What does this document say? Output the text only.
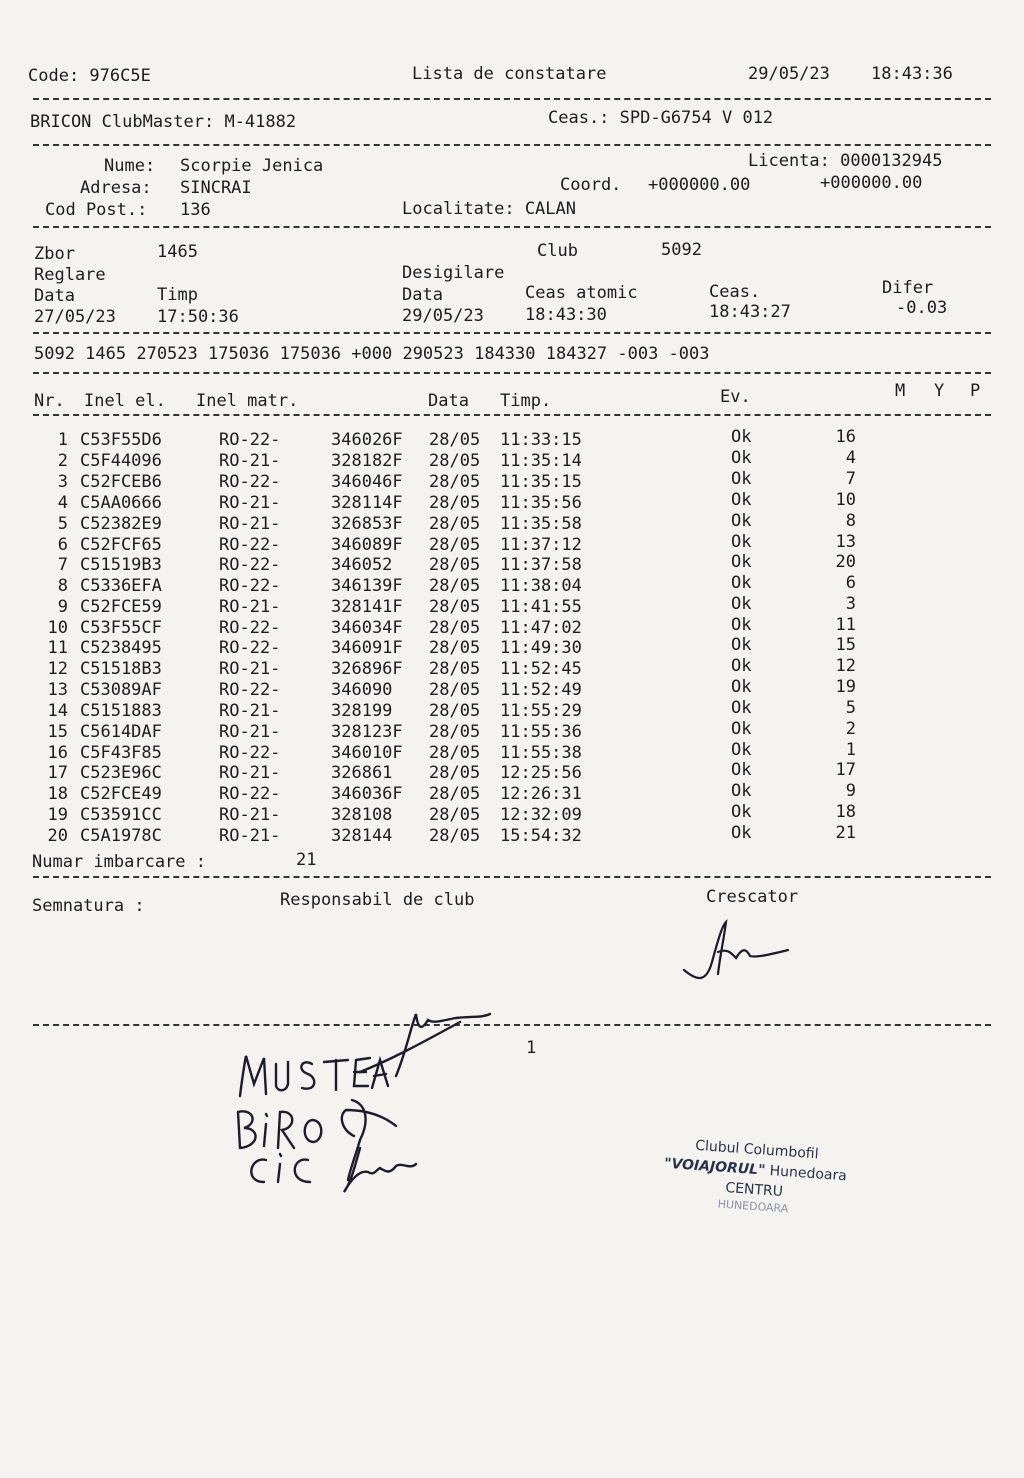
Code: 976C5E	Lista de constatare	29/05/23 18:43:36
BRICON ClubMaster: M-41882	Ceas.: SPD-G6754 V 012
Nume: Scorpie Jenica
Adresa: SINCRAI
Cod Post.: 136
Licenta: 0000132945
Coord. +000000.00	+000000.00
Localitate: CALAN
Zbor	1465	Club	5092
Reglare	Desigilare
Data	Timp	Data	Ceas atomic	Ceas.	Difer
27/05/23 17:50:36	29/05/23 18:43:30	18:43:27	-0.03
5092 1465 270523 175036 175036 +000 290523 184330 184327 -003 -003
Nr. Inel el. Inel matr.	Data Timp.	Ev.	M Y P
1 C53F55D6	RO-22-	346026F 28/05 11:33:15	Ok	16
2 C5F44096	RO-21-	328182F 28/05 11:35:14	Ok	4
3 C52FCEB6	RO-22-	346046F 28/05 11:35:15	Ok	7
4 C5AA0666	RO-21-	328114F 28/05 11:35:56	Ok	10
5 C52382E9	RO-21-	326853F 28/05 11:35:58	Ok	8
6 C52FCF65	RO-22-	346089F 28/05 11:37:12	Ok	13
7 C51519B3	RO-22-	346052 28/05 11:37:58	Ok	20
8 C5336EFA	RO-22-	346139F 28/05 11:38:04	Ok	6
9 C52FCE59	RO-21-	328141F 28/05 11:41:55	Ok	3
10 C53F55CF	RO-22-	346034F 28/05 11:47:02	Ok	11
11 C5238495	RO-22-	346091F 28/05 11:49:30	Ok	15
12 C51518B3	RO-21-	326896F 28/05 11:52:45	Ok	12
13 C53089AF	RO-22-	346090 28/05 11:52:49	Ok	19
14 C5151883	RO-21-	328199 28/05 11:55:29	Ok	5
15 C5614DAF	RO-21-	328123F 28/05 11:55:36	Ok	2
16 C5F43F85	RO-22-	346010F 28/05 11:55:38	Ok	1
17 C523E96C	RO-21-	326861 28/05 12:25:56	Ok	17
18 C52FCE49	RO-22-	346036F 28/05 12:26:31	Ok	9
19 C53591CC	RO-21-	328108 28/05 12:32:09	Ok	18
20 C5A1978C	RO-21-	328144 28/05 15:54:32	Ok	21
Numar imbarcare :	21
Semnatura :	Responsabil de club	Crescator
1
Clubul Columbofil
"VOIAJORUL" Hunedoara
CENTRU
HUNEDOARA
